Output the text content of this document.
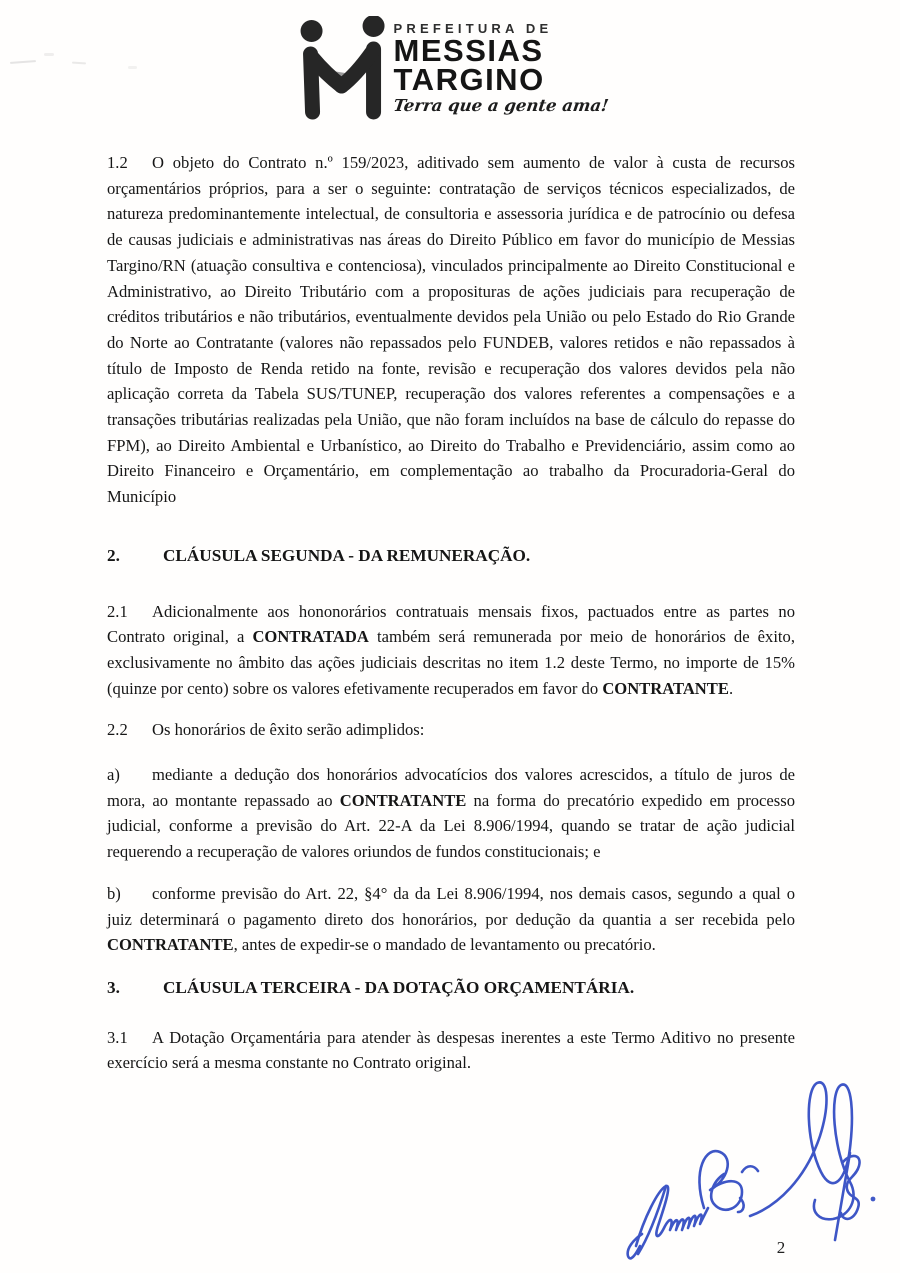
PREFEITURA DE
MESSIAS
TARGINO
Terra que a gente ama!

1.2 O objeto do Contrato n.º 159/2023, aditivado sem aumento de valor à custa de recursos orçamentários próprios, para a ser o seguinte: contratação de serviços técnicos especializados, de natureza predominantemente intelectual, de consultoria e assessoria jurídica e de patrocínio ou defesa de causas judiciais e administrativas nas áreas do Direito Público em favor do município de Messias Targino/RN (atuação consultiva e contenciosa), vinculados principalmente ao Direito Constitucional e Administrativo, ao Direito Tributário com a proposituras de ações judiciais para recuperação de créditos tributários e não tributários, eventualmente devidos pela União ou pelo Estado do Rio Grande do Norte ao Contratante (valores não repassados pelo FUNDEB, valores retidos e não repassados à título de Imposto de Renda retido na fonte, revisão e recuperação dos valores devidos pela não aplicação correta da Tabela SUS/TUNEP, recuperação dos valores referentes a compensações e a transações tributárias realizadas pela União, que não foram incluídos na base de cálculo do repasse do FPM), ao Direito Ambiental e Urbanístico, ao Direito do Trabalho e Previdenciário, assim como ao Direito Financeiro e Orçamentário, em complementação ao trabalho da Procuradoria-Geral do Município

2.	CLÁUSULA SEGUNDA - DA REMUNERAÇÃO.

2.1 Adicionalmente aos hononorários contratuais mensais fixos, pactuados entre as partes no Contrato original, a CONTRATADA também será remunerada por meio de honorários de êxito, exclusivamente no âmbito das ações judiciais descritas no item 1.2 deste Termo, no importe de 15% (quinze por cento) sobre os valores efetivamente recuperados em favor do CONTRATANTE.

2.2 Os honorários de êxito serão adimplidos:

a) mediante a dedução dos honorários advocatícios dos valores acrescidos, a título de juros de mora, ao montante repassado ao CONTRATANTE na forma do precatório expedido em processo judicial, conforme a previsão do Art. 22-A da Lei 8.906/1994, quando se tratar de ação judicial requerendo a recuperação de valores oriundos de fundos constitucionais; e

b) conforme previsão do Art. 22, §4° da da Lei 8.906/1994, nos demais casos, segundo a qual o juiz determinará o pagamento direto dos honorários, por dedução da quantia a ser recebida pelo CONTRATANTE, antes de expedir-se o mandado de levantamento ou precatório.

3.	CLÁUSULA TERCEIRA - DA DOTAÇÃO ORÇAMENTÁRIA.

3.1 A Dotação Orçamentária para atender às despesas inerentes a este Termo Aditivo no presente exercício será a mesma constante no Contrato original.

2
